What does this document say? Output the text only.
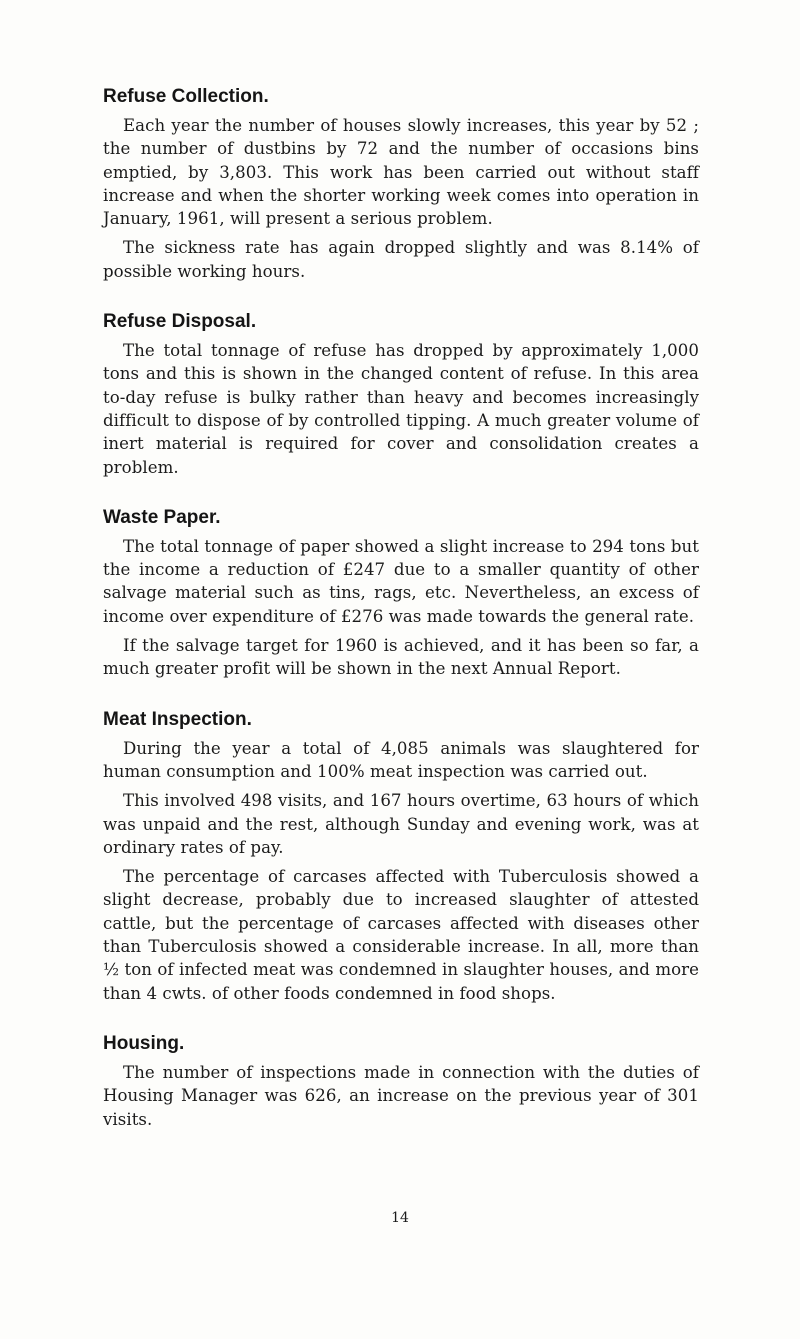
Refuse Collection.

Each year the number of houses slowly increases, this year by 52 ; the number of dustbins by 72 and the number of occasions bins emptied, by 3,803. This work has been carried out without staff increase and when the shorter working week comes into operation in January, 1961, will present a serious problem.

The sickness rate has again dropped slightly and was 8.14% of possible working hours.

Refuse Disposal.

The total tonnage of refuse has dropped by approximately 1,000 tons and this is shown in the changed content of refuse. In this area to-day refuse is bulky rather than heavy and becomes increasingly difficult to dispose of by controlled tipping. A much greater volume of inert material is required for cover and consolidation creates a problem.

Waste Paper.

The total tonnage of paper showed a slight increase to 294 tons but the income a reduction of £247 due to a smaller quantity of other salvage material such as tins, rags, etc. Nevertheless, an excess of income over expenditure of £276 was made towards the general rate.

If the salvage target for 1960 is achieved, and it has been so far, a much greater profit will be shown in the next Annual Report.

Meat Inspection.

During the year a total of 4,085 animals was slaughtered for human consumption and 100% meat inspection was carried out.

This involved 498 visits, and 167 hours overtime, 63 hours of which was unpaid and the rest, although Sunday and evening work, was at ordinary rates of pay.

The percentage of carcases affected with Tuberculosis showed a slight decrease, probably due to increased slaughter of attested cattle, but the percentage of carcases affected with diseases other than Tuberculosis showed a considerable increase. In all, more than ½ ton of infected meat was condemned in slaughter houses, and more than 4 cwts. of other foods condemned in food shops.

Housing.

The number of inspections made in connection with the duties of Housing Manager was 626, an increase on the previous year of 301 visits.

14
